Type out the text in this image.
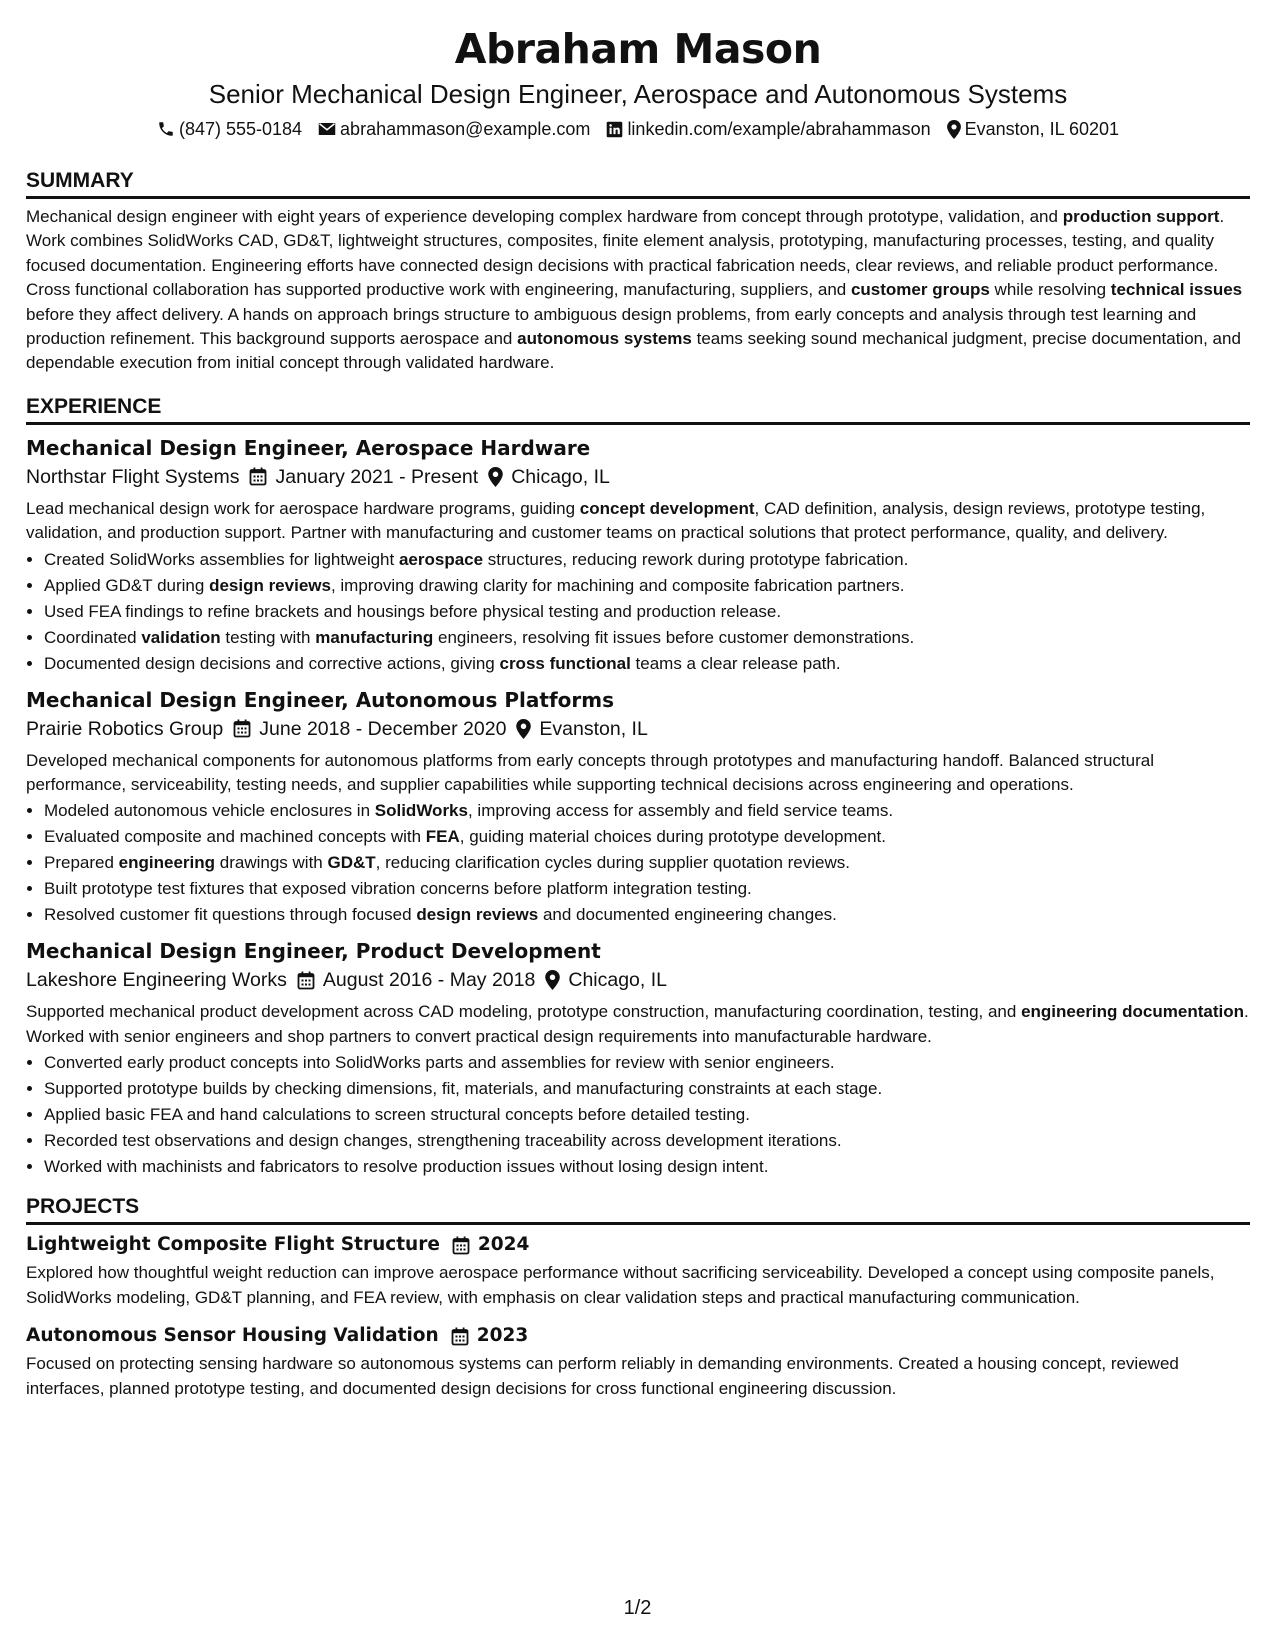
Abraham Mason

Senior Mechanical Design Engineer, Aerospace and Autonomous Systems

(847) 555-0184 abrahammason@example.com linkedin.com/example/abrahammason Evanston, IL 60201
SUMMARY

Mechanical design engineer with eight years of experience developing complex hardware from concept through prototype, validation, and production support. Work combines SolidWorks CAD, GD&T, lightweight structures, composites, finite element analysis, prototyping, manufacturing processes, testing, and quality focused documentation. Engineering efforts have connected design decisions with practical fabrication needs, clear reviews, and reliable product performance. Cross functional collaboration has supported productive work with engineering, manufacturing, suppliers, and customer groups while resolving technical issues before they affect delivery. A hands on approach brings structure to ambiguous design problems, from early concepts and analysis through test learning and production refinement. This background supports aerospace and autonomous systems teams seeking sound mechanical judgment, precise documentation, and dependable execution from initial concept through validated hardware.

EXPERIENCE
Mechanical Design Engineer, Aerospace Hardware
Northstar Flight Systems January 2021 - Present Chicago, IL

Lead mechanical design work for aerospace hardware programs, guiding concept development, CAD definition, analysis, design reviews, prototype testing, validation, and production support. Partner with manufacturing and customer teams on practical solutions that protect performance, quality, and delivery.

• Created SolidWorks assemblies for lightweight aerospace structures, reducing rework during prototype fabrication.
• Applied GD&T during design reviews, improving drawing clarity for machining and composite fabrication partners.
• Used FEA findings to refine brackets and housings before physical testing and production release.
• Coordinated validation testing with manufacturing engineers, resolving fit issues before customer demonstrations.
• Documented design decisions and corrective actions, giving cross functional teams a clear release path.
Mechanical Design Engineer, Autonomous Platforms
Prairie Robotics Group June 2018 - December 2020 Evanston, IL

Developed mechanical components for autonomous platforms from early concepts through prototypes and manufacturing handoff. Balanced structural performance, serviceability, testing needs, and supplier capabilities while supporting technical decisions across engineering and operations.

• Modeled autonomous vehicle enclosures in SolidWorks, improving access for assembly and field service teams.
• Evaluated composite and machined concepts with FEA, guiding material choices during prototype development.
• Prepared engineering drawings with GD&T, reducing clarification cycles during supplier quotation reviews.
• Built prototype test fixtures that exposed vibration concerns before platform integration testing.
• Resolved customer fit questions through focused design reviews and documented engineering changes.
Mechanical Design Engineer, Product Development
Lakeshore Engineering Works August 2016 - May 2018 Chicago, IL

Supported mechanical product development across CAD modeling, prototype construction, manufacturing coordination, testing, and engineering documentation. Worked with senior engineers and shop partners to convert practical design requirements into manufacturable hardware.

• Converted early product concepts into SolidWorks parts and assemblies for review with senior engineers.
• Supported prototype builds by checking dimensions, fit, materials, and manufacturing constraints at each stage.
• Applied basic FEA and hand calculations to screen structural concepts before detailed testing.
• Recorded test observations and design changes, strengthening traceability across development iterations.
• Worked with machinists and fabricators to resolve production issues without losing design intent.
PROJECTS
Lightweight Composite Flight Structure 2024

Explored how thoughtful weight reduction can improve aerospace performance without sacrificing serviceability. Developed a concept using composite panels, SolidWorks modeling, GD&T planning, and FEA review, with emphasis on clear validation steps and practical manufacturing communication.

Autonomous Sensor Housing Validation 2023

Focused on protecting sensing hardware so autonomous systems can perform reliably in demanding environments. Created a housing concept, reviewed interfaces, planned prototype testing, and documented design decisions for cross functional engineering discussion.

1/2
